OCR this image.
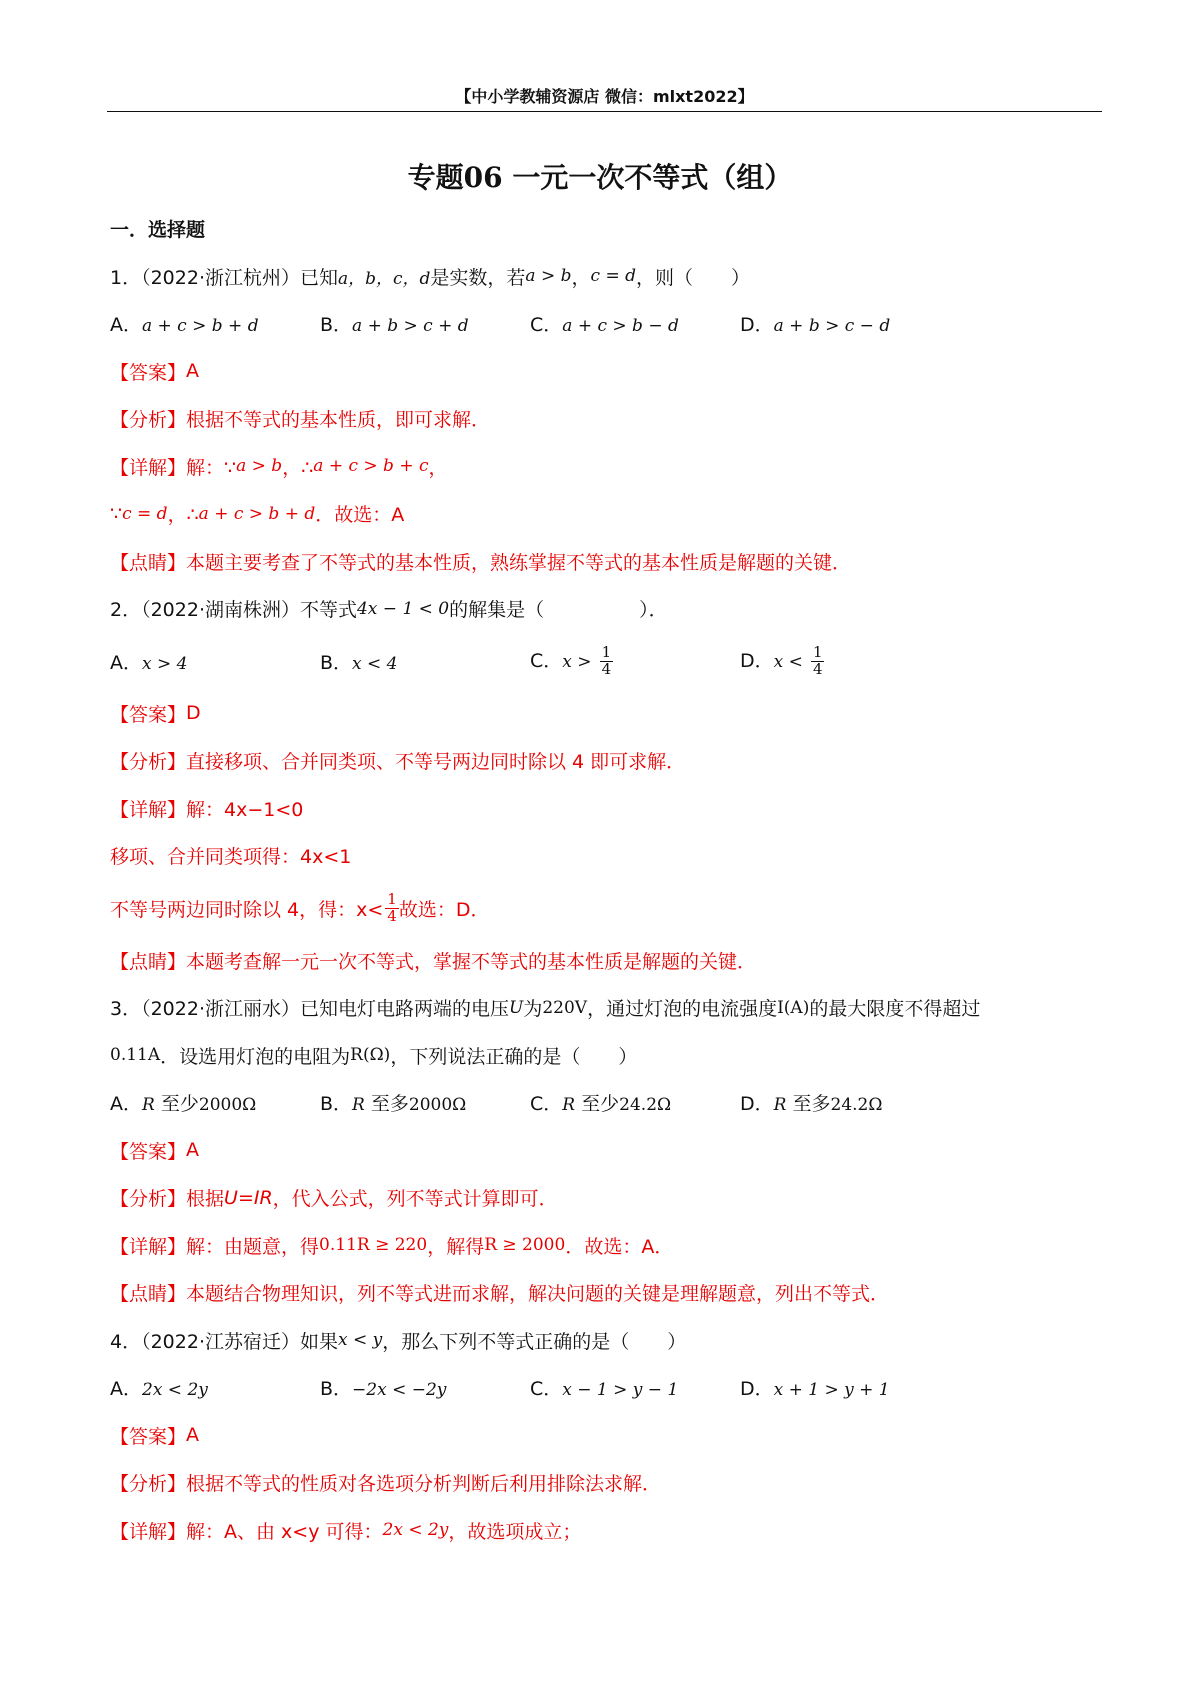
【中小学教辅资源店 微信：mlxt2022】
专题06 一元一次不等式（组）
一．选择题
1．（2022·浙江杭州）已知 a，b，c，d 是实数，若 a > b ， c = d ，则（　　）
A．a + c > b + d	B．a + b > c + d	C．a + c > b − d	D．a + b > c − d
【答案】 A
【分析】 根据不等式的基本性质，即可求解．
【详解】 解：∵ a > b ，∴ a + c > b + c ，
∵ c = d ，∴ a + c > b + d ．故选：A
【点睛】 本题主要考查了不等式的基本性质，熟练掌握不等式的基本性质是解题的关键．
2．（2022·湖南株洲）不等式 4x − 1 < 0 的解集是（　　　　　）．
A．x > 4	B．x < 4	C．$x > \frac{1}{4}$	D．$x < \frac{1}{4}$
【答案】 D
【分析】 直接移项、合并同类项、不等号两边同时除以 4 即可求解．
【详解】 解：4x−1<0
移项、合并同类项得：4x<1
不等号两边同时除以 4，得：$x< \frac{1}{4}$ 故选：D．
【点睛】 本题考查解一元一次不等式，掌握不等式的基本性质是解题的关键．
3．（2022·浙江丽水）已知电灯电路两端的电压 U 为 220V ，通过灯泡的电流强度 I(A) 的最大限度不得超过
0.11A ．设选用灯泡的电阻为 R(Ω) ，下列说法正确的是（　　）
A．R 至少2000Ω	B．R 至多2000Ω	C．R 至少24.2Ω	D．R 至多24.2Ω
【答案】 A
【分析】 根据 U=IR ，代入公式，列不等式计算即可．
【详解】 解：由题意，得 0.11R ≥ 220 ，解得 R ≥ 2000 ．故选：A．
【点睛】 本题结合物理知识，列不等式进而求解，解决问题的关键是理解题意，列出不等式．
4．（2022·江苏宿迁）如果 x < y ，那么下列不等式正确的是（　　）
A．2x < 2y	B．−2x < −2y	C．x − 1 > y − 1	D．x + 1 > y + 1
【答案】 A
【分析】 根据不等式的性质对各选项分析判断后利用排除法求解．
【详解】 解：A、由 x<y 可得： 2x < 2y ，故选项成立；
